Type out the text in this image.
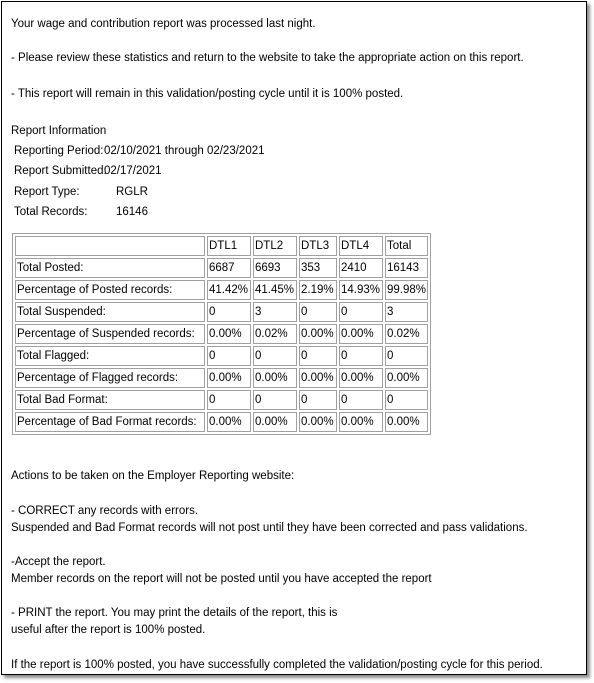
Your wage and contribution report was processed last night.
- Please review these statistics and return to the website to take the appropriate action on this report.
- This report will remain in this validation/posting cycle until it is 100% posted.
Report Information
Reporting Period: 02/10/2021 through 02/23/2021
Report Submitted:
02/17/2021
Report Type:	RGLR
Total Records: 16146
	DTL1	DTL2	DTL3	DTL4	Total
Total Posted:	6687	6693	353	2410	16143
Percentage of Posted records:	41.42%	41.45%	2.19%	14.93%	99.98%
Total Suspended:	0	3	0	0	3
Percentage of Suspended records:	0.00%	0.02%	0.00%	0.00%	0.02%
Total Flagged:	0	0	0	0	0
Percentage of Flagged records:	0.00%	0.00%	0.00%	0.00%	0.00%
Total Bad Format:	0	0	0	0	0
Percentage of Bad Format records:	0.00%	0.00%	0.00%	0.00%	0.00%
Actions to be taken on the Employer Reporting website:
- CORRECT any records with errors.
Suspended and Bad Format records will not post until they have been corrected and pass validations.
-Accept the report.
Member records on the report will not be posted until you have accepted the report
- PRINT the report. You may print the details of the report, this is
useful after the report is 100% posted.
If the report is 100% posted, you have successfully completed the validation/posting cycle for this period.
